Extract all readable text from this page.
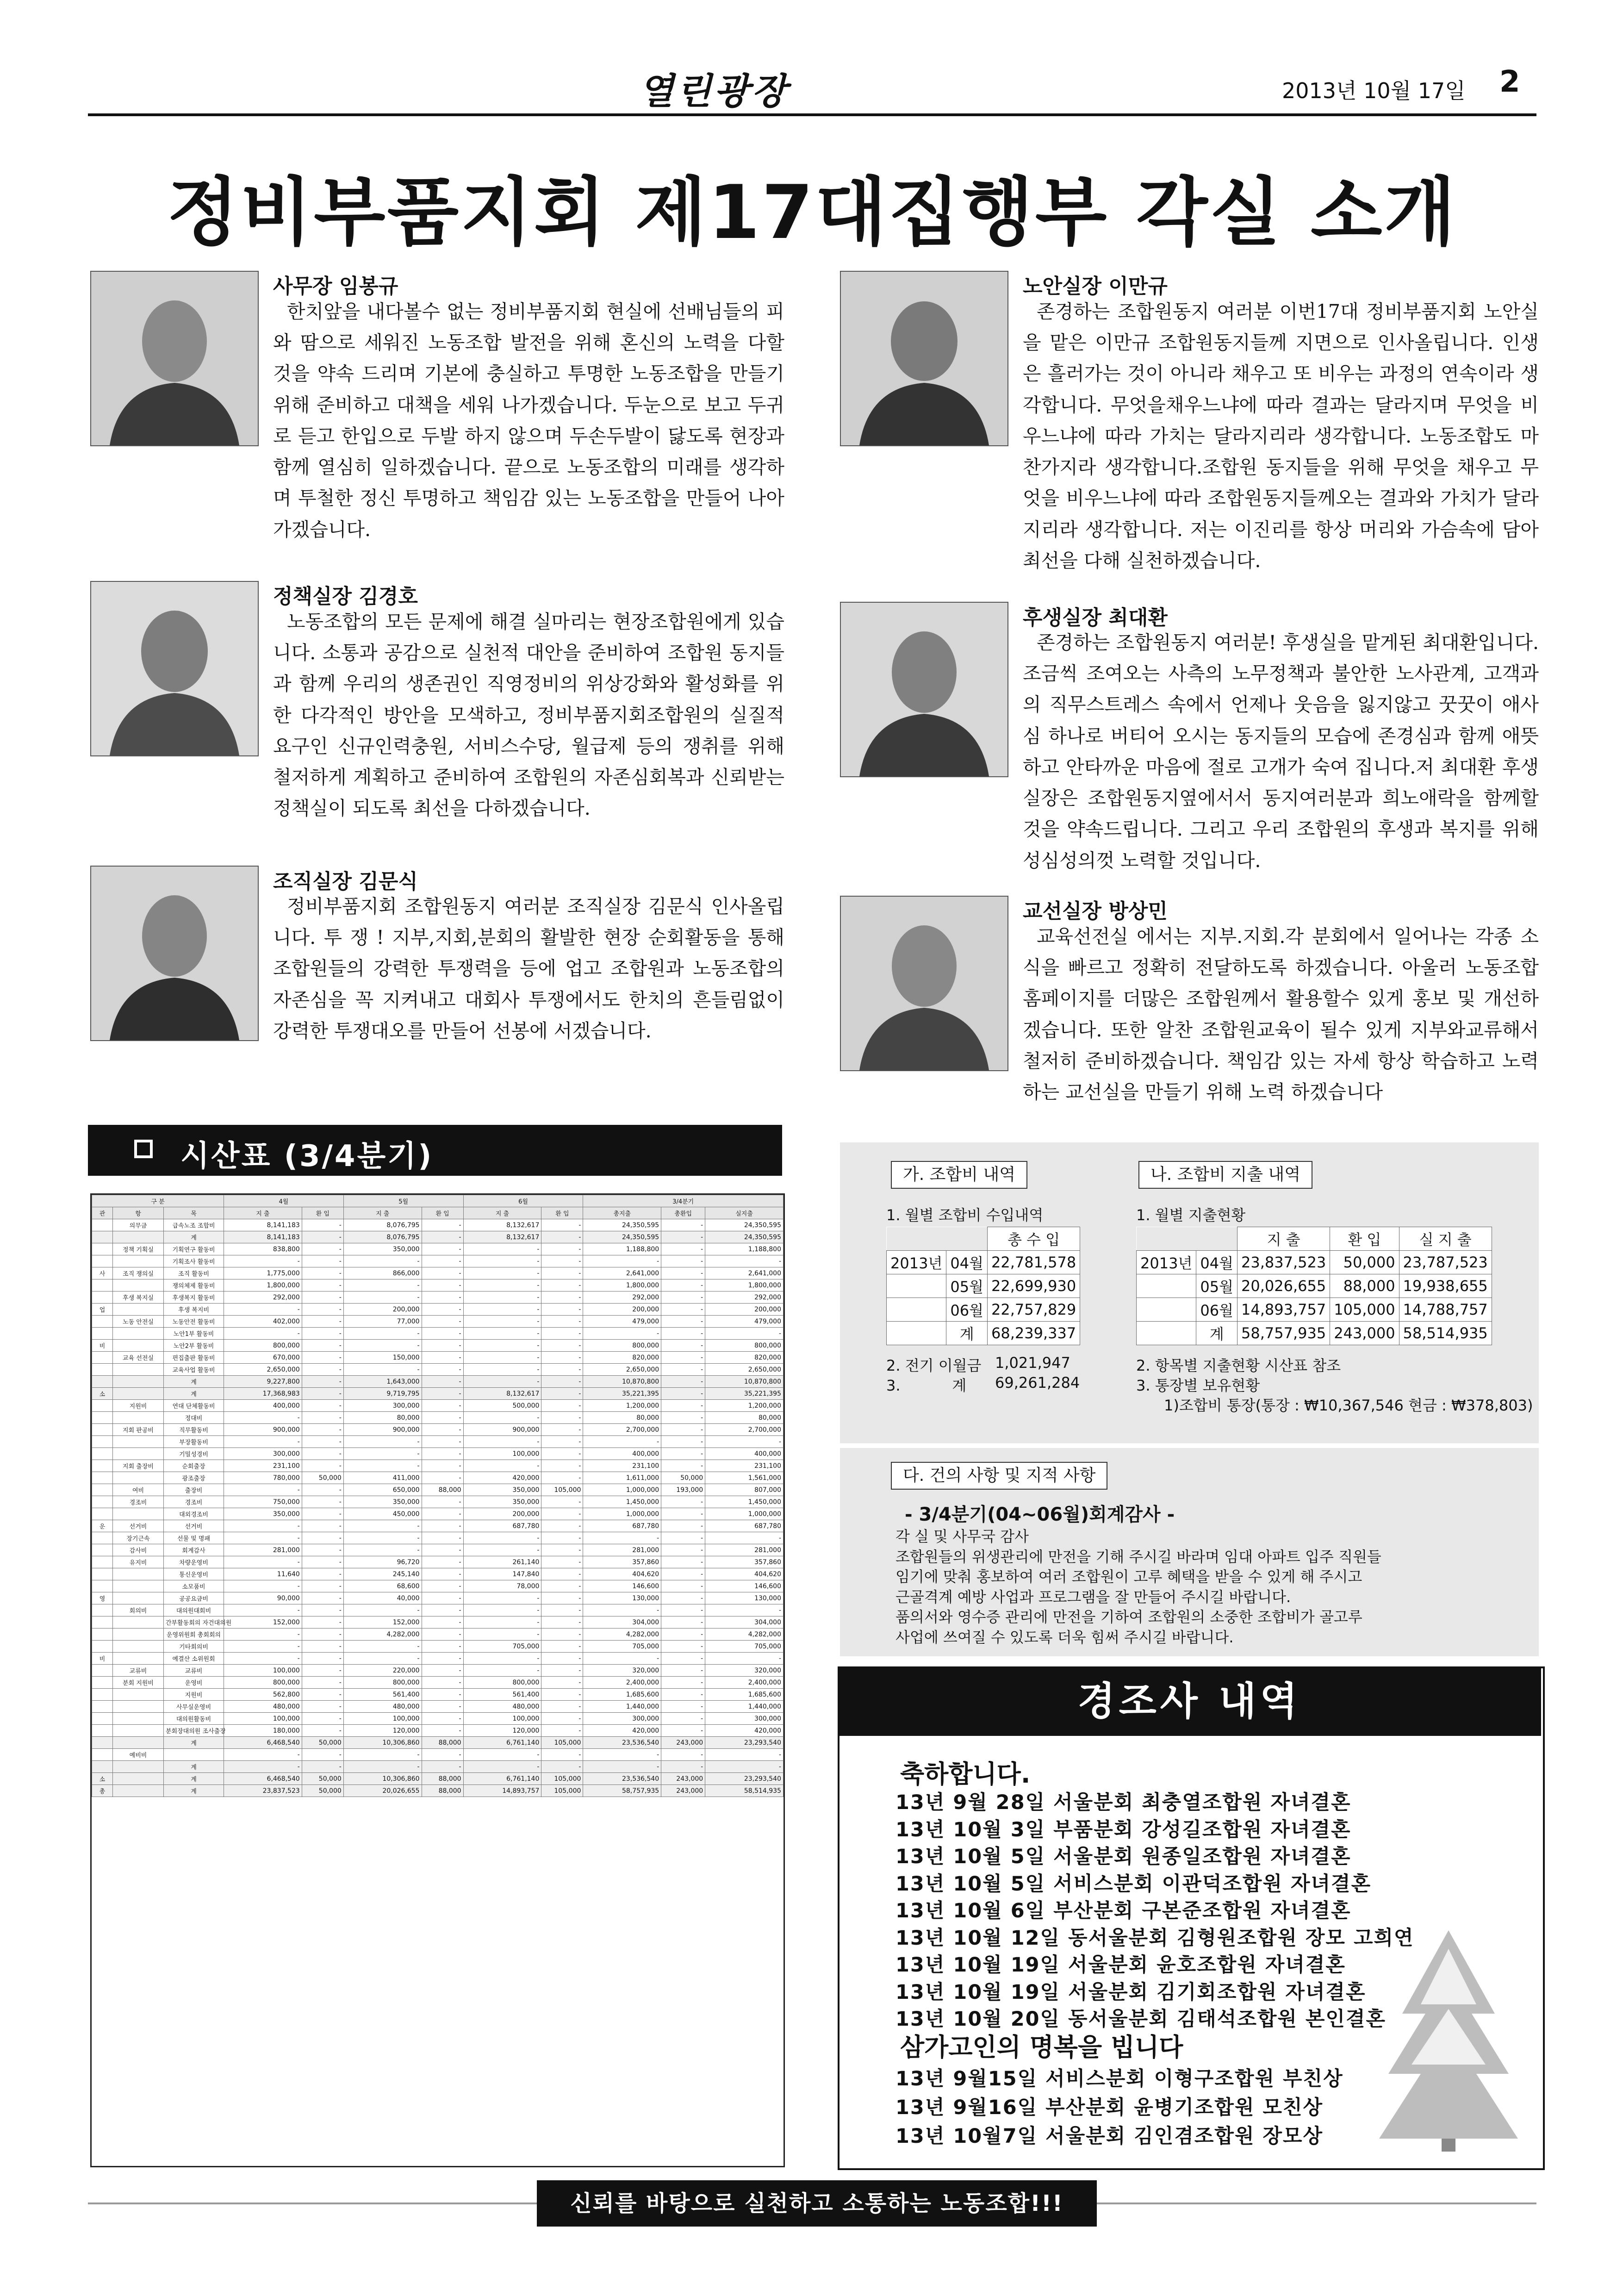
열린광장	2013년 10월 17일 2
정비부품지회 제17대집행부 각실 소개
사무장 임봉규

한치앞을 내다볼수 없는 정비부품지회 현실에 선배님들의 피와 땀으로 세워진 노동조합 발전을 위해 혼신의 노력을 다할 것을 약속 드리며 기본에 충실하고 투명한 노동조합을 만들기 위해 준비하고 대책을 세워 나가겠습니다. 두눈으로 보고 두귀로 듣고 한입으로 두발 하지 않으며 두손두발이 닳도록 현장과 함께 열심히 일하겠습니다. 끝으로 노동조합의 미래를 생각하며 투철한 정신 투명하고 책임감 있는 노동조합을 만들어 나아가겠습니다.

정책실장 김경호

노동조합의 모든 문제에 해결 실마리는 현장조합원에게 있습니다. 소통과 공감으로 실천적 대안을 준비하여 조합원 동지들과 함께 우리의 생존권인 직영정비의 위상강화와 활성화를 위한 다각적인 방안을 모색하고, 정비부품지회조합원의 실질적 요구인 신규인력충원, 서비스수당, 월급제 등의 쟁취를 위해 철저하게 계획하고 준비하여 조합원의 자존심회복과 신뢰받는 정책실이 되도록 최선을 다하겠습니다.

조직실장 김문식

정비부품지회 조합원동지 여러분 조직실장 김문식 인사올립니다. 투 쟁 ! 지부,지회,분회의 활발한 현장 순회활동을 통해 조합원들의 강력한 투쟁력을 등에 업고 조합원과 노동조합의 자존심을 꼭 지켜내고 대회사 투쟁에서도 한치의 흔들림없이 강력한 투쟁대오를 만들어 선봉에 서겠습니다.

노안실장 이만규

존경하는 조합원동지 여러분 이번17대 정비부품지회 노안실을 맡은 이만규 조합원동지들께 지면으로 인사올립니다. 인생은 흘러가는 것이 아니라 채우고 또 비우는 과정의 연속이라 생각합니다. 무엇을채우느냐에 따라 결과는 달라지며 무엇을 비우느냐에 따라 가치는 달라지리라 생각합니다. 노동조합도 마찬가지라 생각합니다.조합원 동지들을 위해 무엇을 채우고 무엇을 비우느냐에 따라 조합원동지들께오는 결과와 가치가 달라지리라 생각합니다. 저는 이진리를 항상 머리와 가슴속에 담아 최선을 다해 실천하겠습니다.

후생실장 최대환

존경하는 조합원동지 여러분! 후생실을 맡게된 최대환입니다. 조금씩 조여오는 사측의 노무정책과 불안한 노사관계, 고객과의 직무스트레스 속에서 언제나 웃음을 잃지않고 꿋꿋이 애사심 하나로 버티어 오시는 동지들의 모습에 존경심과 함께 애뜻하고 안타까운 마음에 절로 고개가 숙여 집니다.저 최대환 후생실장은 조합원동지옆에서서 동지여러분과 희노애락을 함께할 것을 약속드립니다. 그리고 우리 조합원의 후생과 복지를 위해 성심성의껏 노력할 것입니다.

교선실장 방상민

교육선전실 에서는 지부.지회.각 분회에서 일어나는 각종 소식을 빠르고 정확히 전달하도록 하겠습니다. 아울러 노동조합 홈페이지를 더많은 조합원께서 활용할수 있게 홍보 및 개선하겠습니다. 또한 알찬 조합원교육이 될수 있게 지부와교류해서 철저히 준비하겠습니다. 책임감 있는 자세 항상 학습하고 노력하는 교선실을 만들기 위해 노력 하겠습니다

시산표 (3/4분기)
구 분			4월		5월		6월		3/4분기		
관	항	목	지 출	환 입	지 출	환 입	지 출	환 입	총지출	총환입	실지출
	의무금	급속노조 조합비	8,141,183	-	8,076,795	-	8,132,617	-	24,350,595	-	24,350,595
		계	8,141,183	-	8,076,795	-	8,132,617	-	24,350,595	-	24,350,595
	정책 기획실	기획연구 활동비	838,800	-	350,000	-	-	-	1,188,800	-	1,188,800
		기획조사 활동비	-	-	-	-	-	-	-	-	-
사	조직 쟁의실	조직 활동비	1,775,000	-	866,000	-	-	-	2,641,000	-	2,641,000
		쟁의체제 활동비	1,800,000	-	-	-	-	-	1,800,000	-	1,800,000
	후생 복지실	후생복지 활동비	292,000	-	-	-	-	-	292,000	-	292,000
업		후생 복지비	-	-	200,000	-	-	-	200,000	-	200,000
	노동 안전실	노동안전 활동비	402,000	-	77,000	-	-	-	479,000	-	479,000
		노안1부 활동비	-	-	-	-	-	-	-	-	-
비		노안2부 활동비	800,000	-	-	-	-	-	800,000	-	800,000
	교육 선전실	편집출판 활동비	670,000	-	150,000	-	-	-	820,000	-	820,000
		교육사업 활동비	2,650,000	-	-	-	-	-	2,650,000	-	2,650,000
		계	9,227,800	-	1,643,000	-	-	-	10,870,800	-	10,870,800
소		계	17,368,983	-	9,719,795	-	8,132,617	-	35,221,395	-	35,221,395
	지원비	연대 단체활동비	400,000	-	300,000	-	500,000	-	1,200,000	-	1,200,000
		정대비	-	-	80,000	-	-	-	80,000	-	80,000
	지회 판공비	직무활동비	900,000	-	900,000	-	900,000	-	2,700,000	-	2,700,000
		부장활동비	-	-	-	-	-	-	-	-	-
		기밀성경비	300,000	-	-	-	100,000	-	400,000	-	400,000
	지회 출장비	순회출장	231,100	-	-	-	-	-	231,100	-	231,100
		광조출장	780,000	50,000	411,000	-	420,000	-	1,611,000	50,000	1,561,000
	여비	출장비	-	-	650,000	88,000	350,000	105,000	1,000,000	193,000	807,000
	경조비	경조비	750,000	-	350,000	-	350,000	-	1,450,000	-	1,450,000
		대외경조비	350,000	-	450,000	-	200,000	-	1,000,000	-	1,000,000
운	선거비	선거비	-	-	-	-	687,780	-	687,780	-	687,780
	장기근속	선물 및 명패	-	-	-	-	-	-	-	-	-
	감사비	회계감사	281,000	-	-	-	-	-	281,000	-	281,000
	유지비	차량운영비	-	-	96,720	-	261,140	-	357,860	-	357,860
		통신운영비	11,640	-	245,140	-	147,840	-	404,620	-	404,620
		소모품비	-	-	68,600	-	78,000	-	146,600	-	146,600
영		공공요금비	90,000	-	40,000	-	-	-	130,000	-	130,000
	회의비	대의원대회비	-	-	-	-	-	-	-	-	-
		간부활동회의 자건대의원	152,000	-	152,000	-	-	-	304,000	-	304,000
		운영위원회 총회회의	-	-	4,282,000	-	-	-	4,282,000	-	4,282,000
		기타회의비	-	-	-	-	705,000	-	705,000	-	705,000
비		예결산 소위원회	-	-	-	-	-	-	-	-	-
	교류비	교류비	100,000	-	220,000	-	-	-	320,000	-	320,000
	분회 지원비	운영비	800,000	-	800,000	-	800,000	-	2,400,000	-	2,400,000
		지원비	562,800	-	561,400	-	561,400	-	1,685,600	-	1,685,600
		사무실운영비	480,000	-	480,000	-	480,000	-	1,440,000	-	1,440,000
		대의원활동비	100,000	-	100,000	-	100,000	-	300,000	-	300,000
		분회장대의원 조사출장	180,000	-	120,000	-	120,000	-	420,000	-	420,000
		계	6,468,540	50,000	10,306,860	88,000	6,761,140	105,000	23,536,540	243,000	23,293,540
	예비비		-	-	-	-	-	-	-	-	-
		계	-	-	-	-	-	-	-	-	-
소		계	6,468,540	50,000	10,306,860	88,000	6,761,140	105,000	23,536,540	243,000	23,293,540
총		계	23,837,523	50,000	20,026,655	88,000	14,893,757	105,000	58,757,935	243,000	58,514,935
가. 조합비 내역	나. 조합비 지출 내역
1. 월별 조합비 수입내역
		총 수 입
2013년	04월	22,781,578
	05월	22,699,930
	06월	22,757,829
	계	68,239,337
2. 전기 이월금 1,021,947
3.           계 69,261,284
1. 월별 지출현황
		지 출	환 입	실 지 출
2013년	04월	23,837,523	50,000	23,787,523
	05월	20,026,655	88,000	19,938,655
	06월	14,893,757	105,000	14,788,757
	계	58,757,935	243,000	58,514,935
2. 항목별 지출현황 시산표 참조
3. 통장별 보유현황
1)조합비 통장(통장 : ₩10,367,546 현금 : ₩378,803)
다. 건의 사항 및 지적 사항
- 3/4분기(04~06월)회계감사 -
각 실 및 사무국 감사
조합원들의 위생관리에 만전을 기해 주시길 바라며 임대 아파트 입주 직원들
임기에 맞춰 홍보하여 여러 조합원이 고루 혜택을 받을 수 있게 해 주시고
근골격계 예방 사업과 프로그램을 잘 만들어 주시길 바랍니다.
품의서와 영수증 관리에 만전을 기하여 조합원의 소중한 조합비가 골고루
사업에 쓰여질 수 있도록 더욱 힘써 주시길 바랍니다.
경조사 내역
축하합니다.
13년 9월 28일 서울분회 최충열조합원 자녀결혼
13년 10월 3일 부품분회 강성길조합원 자녀결혼
13년 10월 5일 서울분회 원종일조합원 자녀결혼
13년 10월 5일 서비스분회 이관덕조합원 자녀결혼
13년 10월 6일 부산분회 구본준조합원 자녀결혼
13년 10월 12일 동서울분회 김형원조합원 장모 고희연
13년 10월 19일 서울분회 윤호조합원 자녀결혼
13년 10월 19일 서울분회 김기회조합원 자녀결혼
13년 10월 20일 동서울분회 김태석조합원 본인결혼
삼가고인의 명복을 빕니다
13년 9월15일 서비스분회 이형구조합원 부친상
13년 9월16일 부산분회 윤병기조합원 모친상
13년 10월7일 서울분회 김인겸조합원 장모상
신뢰를 바탕으로 실천하고 소통하는 노동조합!!!
